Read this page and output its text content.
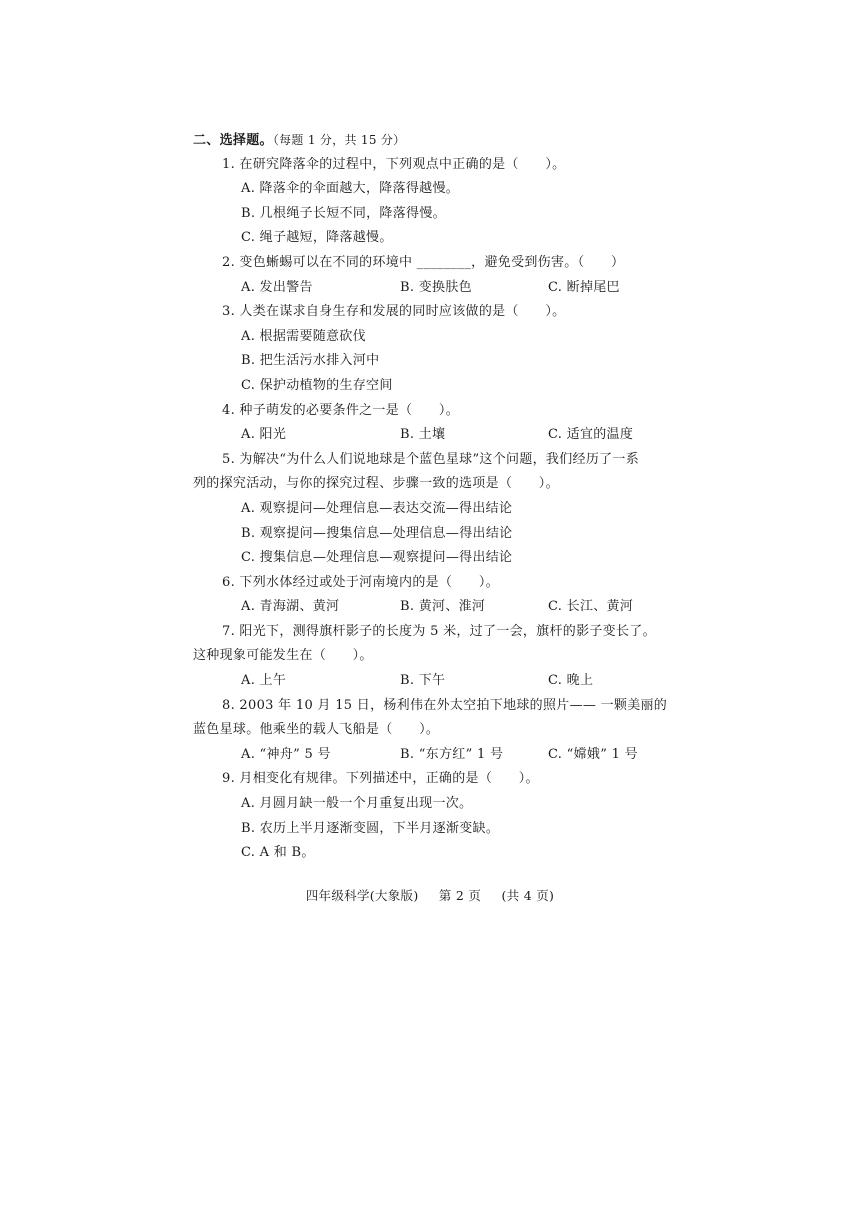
二、选择题。（每题 1 分，共 15 分）
1. 在研究降落伞的过程中，下列观点中正确的是（　　）。
A. 降落伞的伞面越大，降落得越慢。
B. 几根绳子长短不同，降落得慢。
C. 绳子越短，降落越慢。
2. 变色蜥蜴可以在不同的环境中 ________，避免受到伤害。（　　）
A. 发出警告	B. 变换肤色	C. 断掉尾巴
3. 人类在谋求自身生存和发展的同时应该做的是（　　）。
A. 根据需要随意砍伐
B. 把生活污水排入河中
C. 保护动植物的生存空间
4. 种子萌发的必要条件之一是（　　）。
A. 阳光	B. 土壤	C. 适宜的温度
5. 为解决“为什么人们说地球是个蓝色星球”这个问题，我们经历了一系
列的探究活动，与你的探究过程、步骤一致的选项是（　　）。
A. 观察提问—处理信息—表达交流—得出结论
B. 观察提问—搜集信息—处理信息—得出结论
C. 搜集信息—处理信息—观察提问—得出结论
6. 下列水体经过或处于河南境内的是（　　）。
A. 青海湖、黄河	B. 黄河、淮河	C. 长江、黄河
7. 阳光下，测得旗杆影子的长度为 5 米，过了一会，旗杆的影子变长了。
这种现象可能发生在（　　）。
A. 上午	B. 下午	C. 晚上
8. 2003 年 10 月 15 日，杨利伟在外太空拍下地球的照片—— 一颗美丽的
蓝色星球。他乘坐的载人飞船是（　　）。
A. “神舟” 5 号	B. “东方红” 1 号	C. “嫦娥” 1 号
9. 月相变化有规律。下列描述中，正确的是（　　）。
A. 月圆月缺一般一个月重复出现一次。
B. 农历上半月逐渐变圆，下半月逐渐变缺。
C. A 和 B。
四年级科学(大象版) 第 2 页 (共 4 页)
